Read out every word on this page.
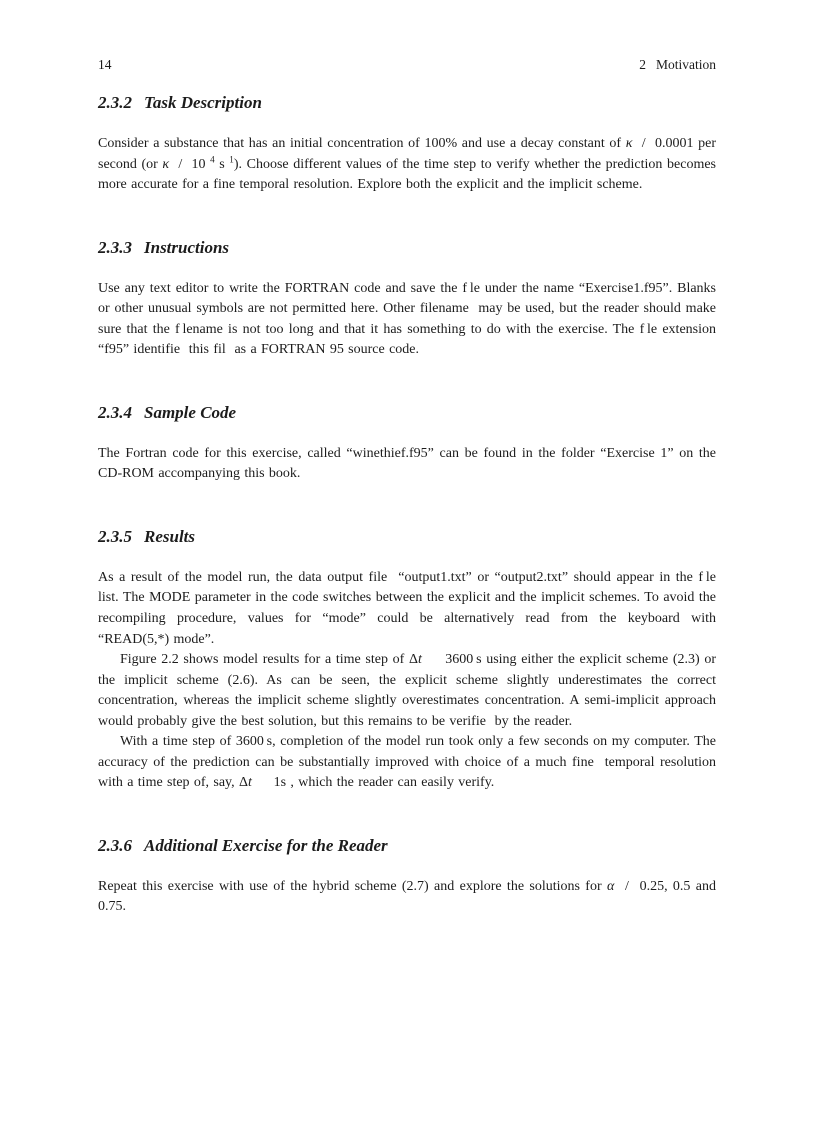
14	2 Motivation
2.3.2 Task Description

Consider a substance that has an initial concentration of 100% and use a decay constant of κ  /  0.0001 per second (or κ  /  10 $^4$ s $^1$). Choose different values of the time step to verify whether the prediction becomes more accurate for a fine temporal resolution. Explore both the explicit and the implicit scheme.

2.3.3 Instructions

Use any text editor to write the FORTRAN code and save the f le under the name “Exercise1.f95”. Blanks or other unusual symbols are not permitted here. Other filename  may be used, but the reader should make sure that the f lename is not too long and that it has something to do with the exercise. The f le extension “f95” identifie  this fil  as a FORTRAN 95 source code.

2.3.4 Sample Code

The Fortran code for this exercise, called “winethief.f95” can be found in the folder “Exercise 1” on the CD-ROM accompanying this book.

2.3.5 Results

As a result of the model run, the data output file  “output1.txt” or “output2.txt” should appear in the f le list. The MODE parameter in the code switches between the explicit and the implicit schemes. To avoid the recompiling procedure, values for “mode” could be alternatively read from the keyboard with “READ(5,*) mode”.

Figure 2.2 shows model results for a time step of Δt     3600 s using either the explicit scheme (2.3) or the implicit scheme (2.6). As can be seen, the explicit scheme slightly underestimates the correct concentration, whereas the implicit scheme slightly overestimates concentration. A semi-implicit approach would probably give the best solution, but this remains to be verifie  by the reader.

With a time step of 3600 s, completion of the model run took only a few seconds on my computer. The accuracy of the prediction can be substantially improved with choice of a much fine  temporal resolution with a time step of, say, Δt     1s , which the reader can easily verify.

2.3.6 Additional Exercise for the Reader

Repeat this exercise with use of the hybrid scheme (2.7) and explore the solutions for α  /  0.25, 0.5 and 0.75.
